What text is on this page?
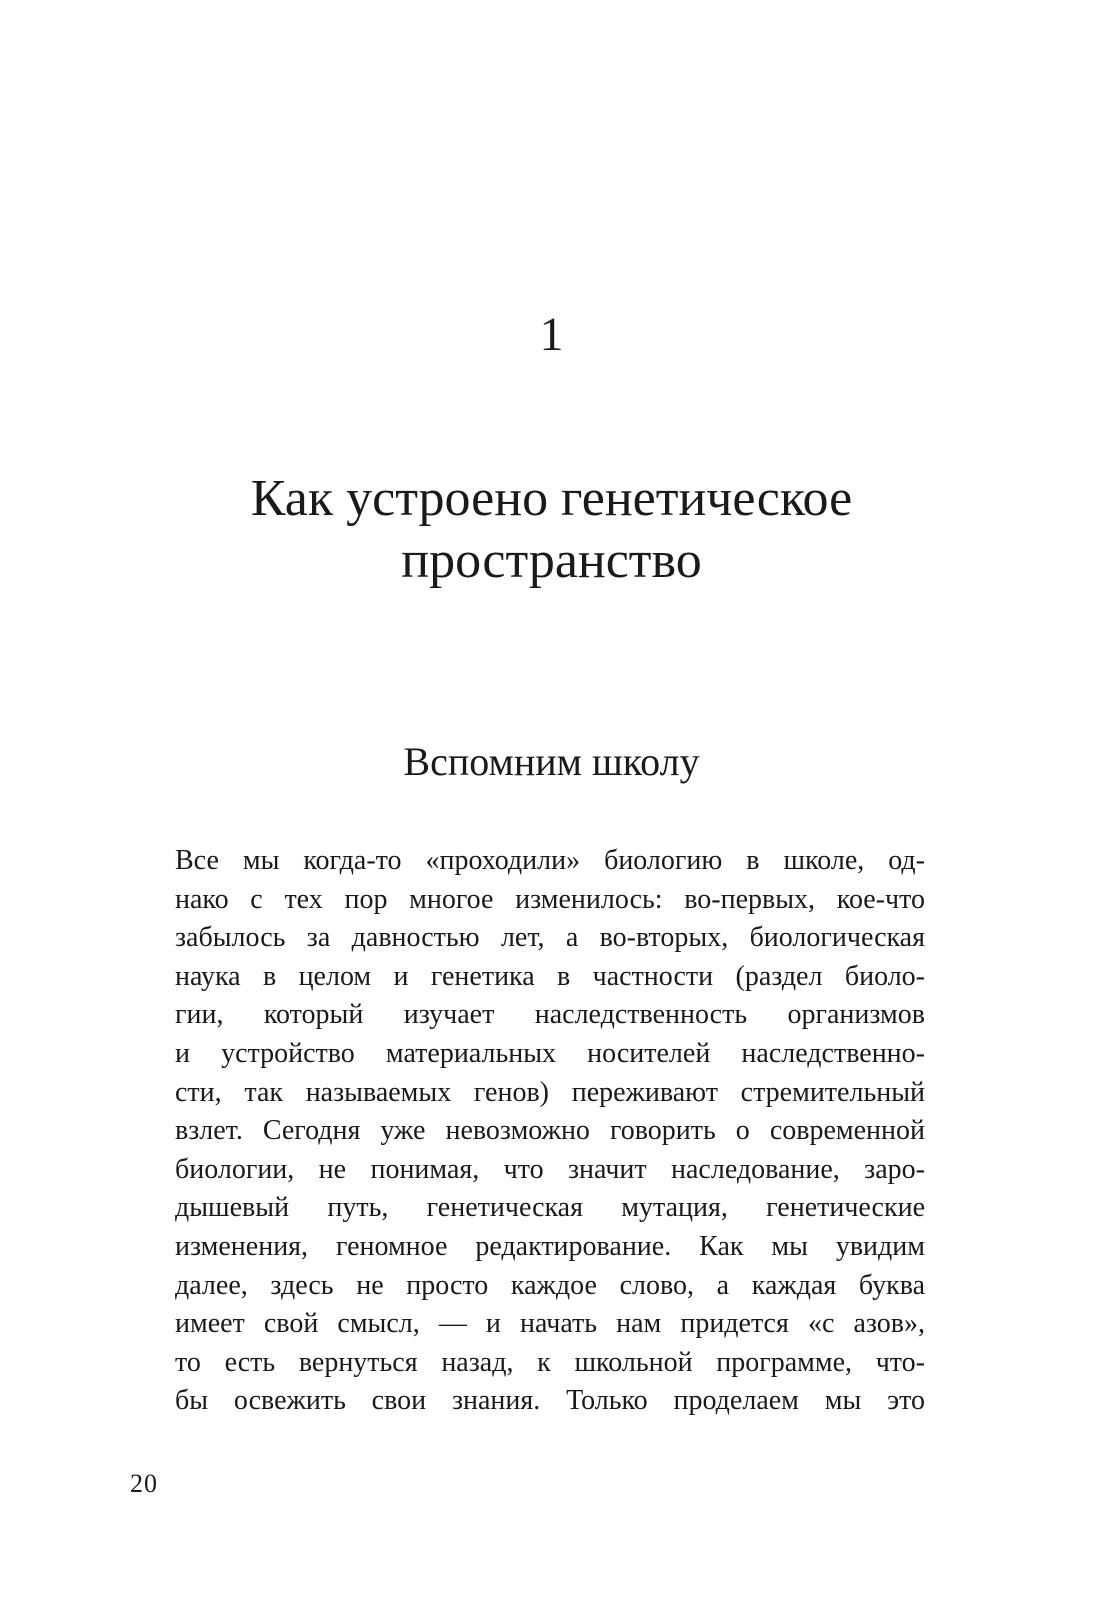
1
Как устроено генетическое
пространство
Вспомним школу

Все мы когда-то «проходили» биологию в школе, од-
нако с тех пор многое изменилось: во-первых, кое-что
забылось за давностью лет, а во-вторых, биологическая
наука в целом и генетика в частности (раздел биоло-
гии, который изучает наследственность организмов
и устройство материальных носителей наследственно-
сти, так называемых генов) переживают стремительный
взлет. Сегодня уже невозможно говорить о современной
биологии, не понимая, что значит наследование, заро-
дышевый путь, генетическая мутация, генетические
изменения, геномное редактирование. Как мы увидим
далее, здесь не просто каждое слово, а каждая буква
имеет свой смысл, — и начать нам придется «с азов»,
то есть вернуться назад, к школьной программе, что-
бы освежить свои знания. Только проделаем мы это

20
